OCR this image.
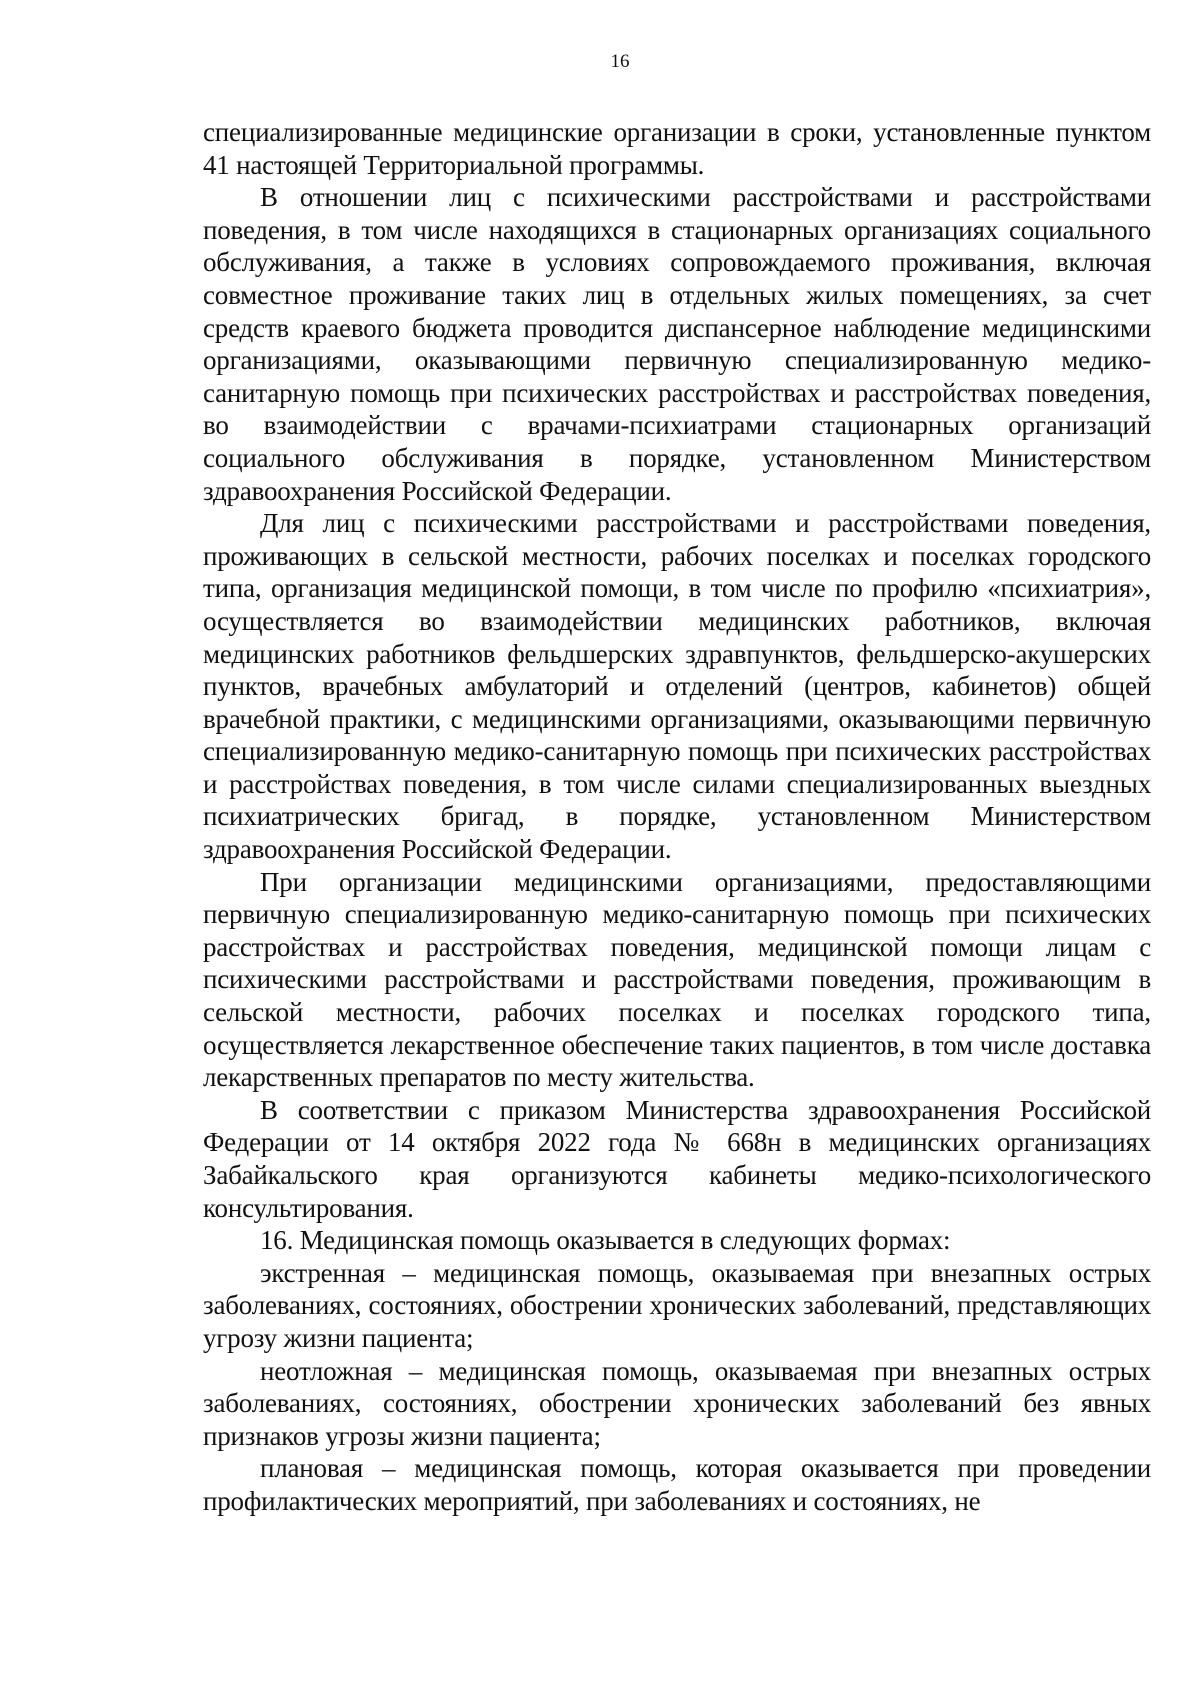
16

специализированные медицинские организации в сроки, установленные пунктом 41 настоящей Территориальной программы.

В отношении лиц с психическими расстройствами и расстройствами поведения, в том числе находящихся в стационарных организациях социального обслуживания, а также в условиях сопровождаемого проживания, включая совместное проживание таких лиц в отдельных жилых помещениях, за счет средств краевого бюджета проводится диспансерное наблюдение медицинскими организациями, оказывающими первичную специализированную медико-санитарную помощь при психических расстройствах и расстройствах поведения, во взаимодействии с врачами-психиатрами стационарных организаций социального обслуживания в порядке, установленном Министерством здравоохранения Российской Федерации.

Для лиц с психическими расстройствами и расстройствами поведения, проживающих в сельской местности, рабочих поселках и поселках городского типа, организация медицинской помощи, в том числе по профилю «психиатрия», осуществляется во взаимодействии медицинских работников, включая медицинских работников фельдшерских здравпунктов, фельдшерско-акушерских пунктов, врачебных амбулаторий и отделений (центров, кабинетов) общей врачебной практики, с медицинскими организациями, оказывающими первичную специализированную медико-санитарную помощь при психических расстройствах и расстройствах поведения, в том числе силами специализированных выездных психиатрических бригад, в порядке, установленном Министерством здравоохранения Российской Федерации.

При организации медицинскими организациями, предоставляющими первичную специализированную медико-санитарную помощь при психических расстройствах и расстройствах поведения, медицинской помощи лицам с психическими расстройствами и расстройствами поведения, проживающим в сельской местности, рабочих поселках и поселках городского типа, осуществляется лекарственное обеспечение таких пациентов, в том числе доставка лекарственных препаратов по месту жительства.

В соответствии с приказом Министерства здравоохранения Российской Федерации от 14 октября 2022 года № 668н в медицинских организациях Забайкальского края организуются кабинеты медико-психологического консультирования.

16. Медицинская помощь оказывается в следующих формах:

экстренная – медицинская помощь, оказываемая при внезапных острых заболеваниях, состояниях, обострении хронических заболеваний, представляющих угрозу жизни пациента;

неотложная – медицинская помощь, оказываемая при внезапных острых заболеваниях, состояниях, обострении хронических заболеваний без явных признаков угрозы жизни пациента;

плановая – медицинская помощь, которая оказывается при проведении профилактических мероприятий, при заболеваниях и состояниях, не
